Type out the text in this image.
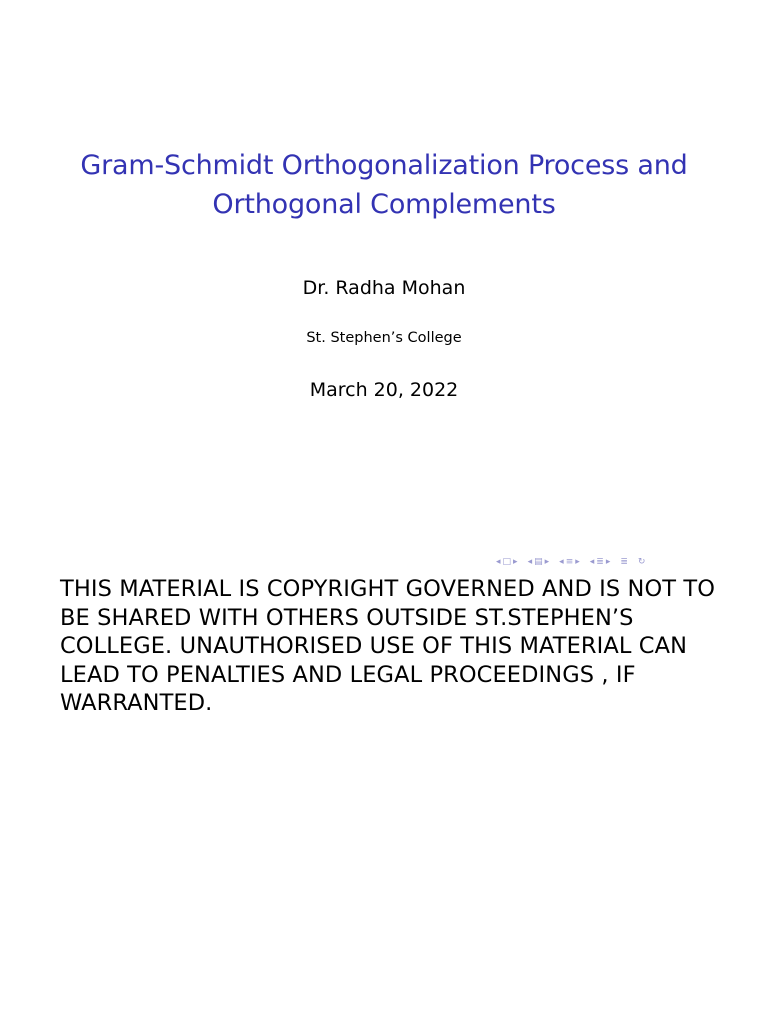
Gram-Schmidt Orthogonalization Process and Orthogonal Complements
Dr. Radha Mohan
St. Stephen’s College
March 20, 2022
◂ □ ▸ ◂ ▤ ▸ ◂ ≡ ▸ ◂ ≣ ▸ ≣ ↻
THIS MATERIAL IS COPYRIGHT GOVERNED AND IS NOT TO BE SHARED WITH OTHERS OUTSIDE ST.STEPHEN’S COLLEGE. UNAUTHORISED USE OF THIS MATERIAL CAN LEAD TO PENALTIES AND LEGAL PROCEEDINGS , IF WARRANTED.
